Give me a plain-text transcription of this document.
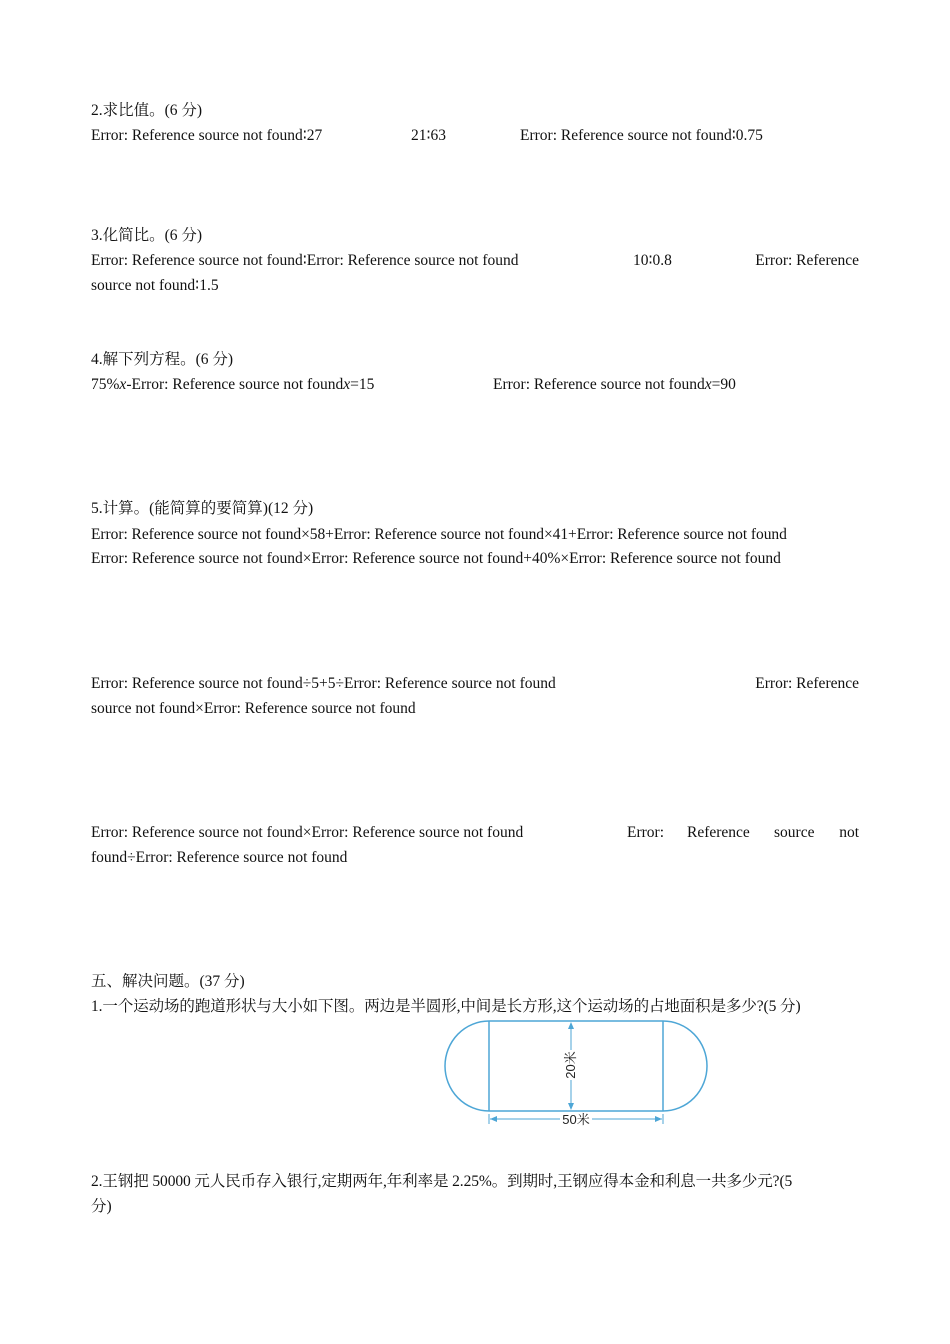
2.求比值。(6 分)
Error: Reference source not found∶27	21∶63	Error: Reference source not found∶0.75
3.化简比。(6 分)
Error: Reference source not found∶Error: Reference source not found	10∶0.8	Error: Reference
source not found∶1.5
4.解下列方程。(6 分)
75%x-Error: Reference source not foundx=15	Error: Reference source not foundx=90
5.计算。(能简算的要简算)(12 分)
Error: Reference source not found×58+Error: Reference source not found×41+Error: Reference source not found
Error: Reference source not found×Error: Reference source not found+40%×Error: Reference source not found
Error: Reference source not found÷5+5÷Error: Reference source not found	Error: Reference
source not found×Error: Reference source not found
Error: Reference source not found×Error: Reference source not found	Error: Reference source not
found÷Error: Reference source not found
五、解决问题。(37 分)
1.一个运动场的跑道形状与大小如下图。两边是半圆形,中间是长方形,这个运动场的占地面积是多少?(5 分)
50米
20米
2.王钢把 50000 元人民币存入银行,定期两年,年利率是 2.25%。到期时,王钢应得本金和利息一共多少元?(5
分)
